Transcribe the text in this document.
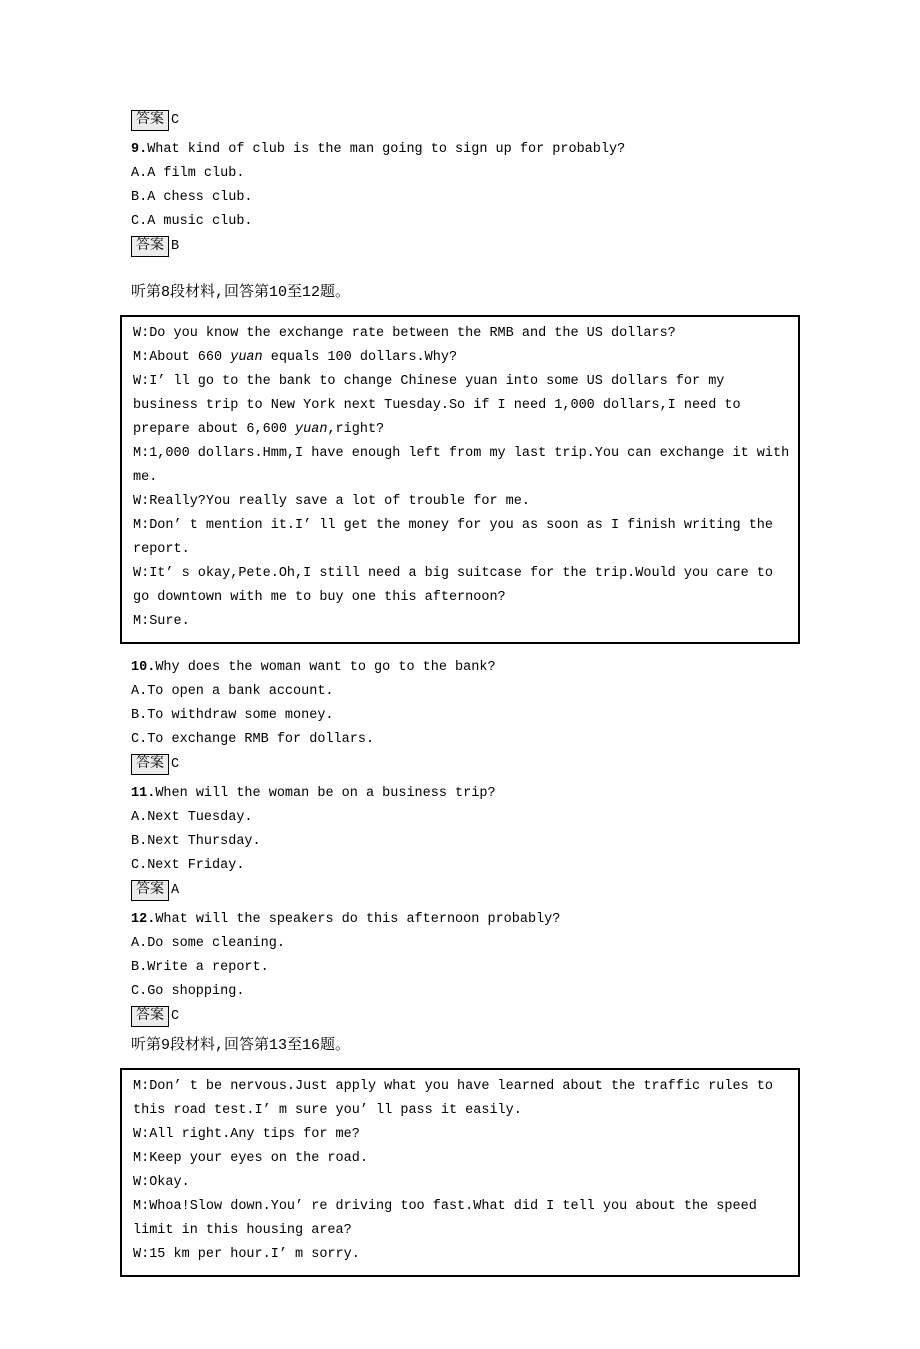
答案 C
9.What kind of club is the man going to sign up for probably?
A.A film club.
B.A chess club.
C.A music club.
答案 B
听第8段材料,回答第10至12题。

W:Do you know the exchange rate between the RMB and the US dollars?

M:About 660 yuan equals 100 dollars.Why?

W:I’ ll go to the bank to change Chinese yuan into some US dollars for my business trip to New York next Tuesday.So if I need 1,000 dollars,I need to prepare about 6,600 yuan,right?

M:1,000 dollars.Hmm,I have enough left from my last trip.You can exchange it with me.

W:Really?You really save a lot of trouble for me.

M:Don’ t mention it.I’ ll get the money for you as soon as I finish writing the report.

W:It’ s okay,Pete.Oh,I still need a big suitcase for the trip.Would you care to go downtown with me to buy one this afternoon?

M:Sure.

10.Why does the woman want to go to the bank?
A.To open a bank account.
B.To withdraw some money.
C.To exchange RMB for dollars.
答案 C
11.When will the woman be on a business trip?
A.Next Tuesday.
B.Next Thursday.
C.Next Friday.
答案 A
12.What will the speakers do this afternoon probably?
A.Do some cleaning.
B.Write a report.
C.Go shopping.
答案 C
听第9段材料,回答第13至16题。

M:Don’ t be nervous.Just apply what you have learned about the traffic rules to this road test.I’ m sure you’ ll pass it easily.

W:All right.Any tips for me?

M:Keep your eyes on the road.

W:Okay.

M:Whoa!Slow down.You’ re driving too fast.What did I tell you about the speed limit in this housing area?

W:15 km per hour.I’ m sorry.
